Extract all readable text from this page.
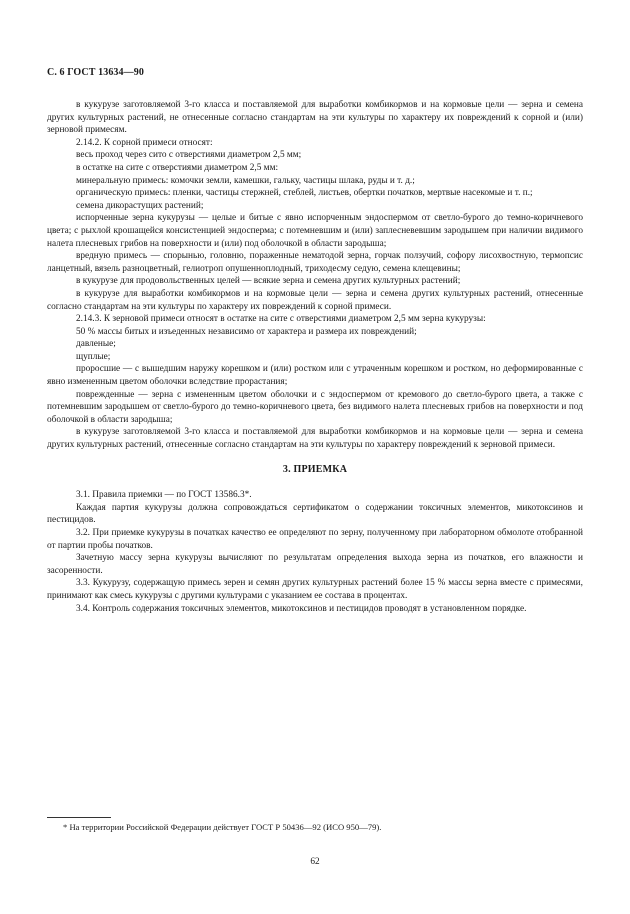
С. 6 ГОСТ 13634—90

в кукурузе заготовляемой 3-го класса и поставляемой для выработки комбикормов и на кормовые цели — зерна и семена других культурных растений, не отнесенные согласно стандартам на эти культуры по характеру их повреждений к сорной и (или) зерновой примесям.

2.14.2. К сорной примеси относят:

весь проход через сито с отверстиями диаметром 2,5 мм;

в остатке на сите с отверстиями диаметром 2,5 мм:

минеральную примесь: комочки земли, камешки, гальку, частицы шлака, руды и т. д.;

органическую примесь: пленки, частицы стержней, стеблей, листьев, обертки початков, мертвые насекомые и т. п.;

семена дикорастущих растений;

испорченные зерна кукурузы — целые и битые с явно испорченным эндоспермом от светло-бурого до темно-коричневого цвета; с рыхлой крошащейся консистенцией эндосперма; с потемневшим и (или) заплесневевшим зародышем при наличии видимого налета плесневых грибов на поверхности и (или) под оболочкой в области зародыша;

вредную примесь — спорынью, головню, пораженные нематодой зерна, горчак ползучий, софору лисохвостную, термопсис ланцетный, вязель разноцветный, гелиотроп опушенноплодный, триходесму седую, семена клещевины;

в кукурузе для продовольственных целей — всякие зерна и семена других культурных растений;

в кукурузе для выработки комбикормов и на кормовые цели — зерна и семена других культурных растений, отнесенные согласно стандартам на эти культуры по характеру их повреждений к сорной примеси.

2.14.3. К зерновой примеси относят в остатке на сите с отверстиями диаметром 2,5 мм зерна кукурузы:

50 % массы битых и изъеденных независимо от характера и размера их повреждений;

давленые;

щуплые;

проросшие — с вышедшим наружу корешком и (или) ростком или с утраченным корешком и ростком, но деформированные с явно измененным цветом оболочки вследствие прорастания;

поврежденные — зерна с измененным цветом оболочки и с эндоспермом от кремового до светло-бурого цвета, а также с потемневшим зародышем от светло-бурого до темно-коричневого цвета, без видимого налета плесневых грибов на поверхности и под оболочкой в области зародыша;

в кукурузе заготовляемой 3-го класса и поставляемой для выработки комбикормов и на кормовые цели — зерна и семена других культурных растений, отнесенные согласно стандартам на эти культуры по характеру повреждений к зерновой примеси.

3. ПРИЕМКА

3.1. Правила приемки — по ГОСТ 13586.3*.

Каждая партия кукурузы должна сопровождаться сертификатом о содержании токсичных элементов, микотоксинов и пестицидов.

3.2. При приемке кукурузы в початках качество ее определяют по зерну, полученному при лабораторном обмолоте отобранной от партии пробы початков.

Зачетную массу зерна кукурузы вычисляют по результатам определения выхода зерна из початков, его влажности и засоренности.

3.3. Кукурузу, содержащую примесь зерен и семян других культурных растений более 15 % массы зерна вместе с примесями, принимают как смесь кукурузы с другими культурами с указанием ее состава в процентах.

3.4. Контроль содержания токсичных элементов, микотоксинов и пестицидов проводят в установленном порядке.

* На территории Российской Федерации действует ГОСТ Р 50436—92 (ИСО 950—79).
62
